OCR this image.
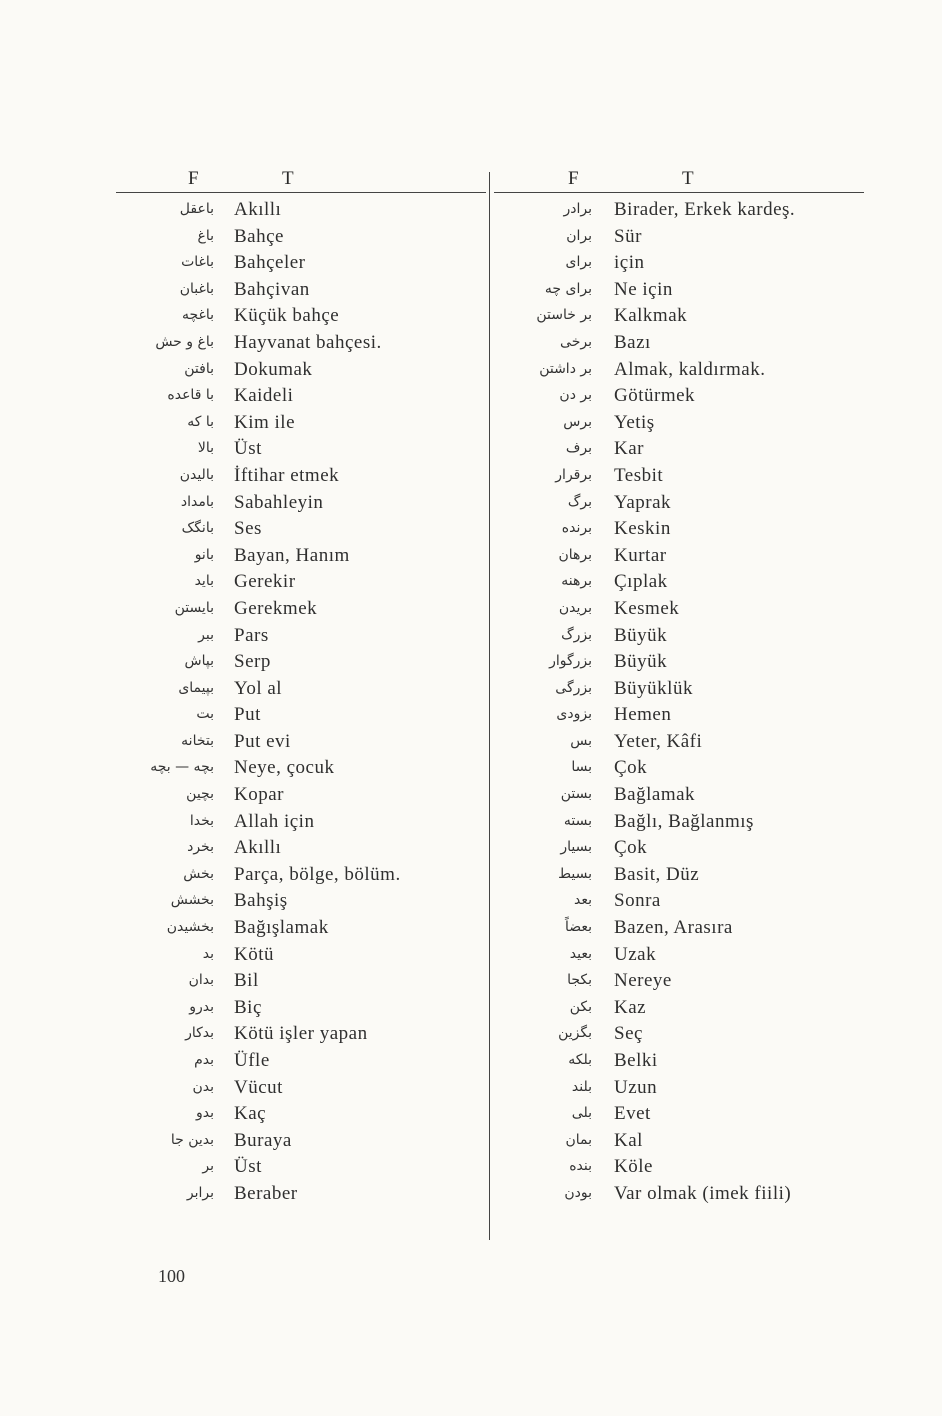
F	T
باعقل Akıllı
باغ Bahçe
باغات Bahçeler
باغبان Bahçivan
باغچه Küçük bahçe
باغ و حش Hayvanat bahçesi.
بافتن Dokumak
با قاعده Kaideli
با که Kim ile
بالا Üst
بالیدن İftihar etmek
بامداد Sabahleyin
بانگک Ses
بانو Bayan, Hanım
باید Gerekir
بایستن Gerekmek
ببر Pars
بپاش Serp
بپیمای Yol al
بت Put
بتخانه Put evi
بچه — بچه Neye, çocuk
بچین Kopar
بخدا Allah için
بخرد Akıllı
بخش Parça, bölge, bölüm.
بخشش Bahşiş
بخشیدن Bağışlamak
بد Kötü
بدان Bil
بدرو Biç
بدکار Kötü işler yapan
بدم Üfle
بدن Vücut
بدو Kaç
بدین جا Buraya
بر Üst
برابر Beraber
F	T
برادر Birader, Erkek kardeş.
بران Sür
برای için
برای چه Ne için
بر خاستن Kalkmak
برخی Bazı
بر داشتن Almak, kaldırmak.
بر دن Götürmek
برس Yetiş
برف Kar
برقرار Tesbit
برگ Yaprak
برنده Keskin
برهان Kurtar
برهنه Çıplak
بریدن Kesmek
بزرگ Büyük
بزرگوار Büyük
بزرگی Büyüklük
بزودی Hemen
بس Yeter, Kâfi
بسا Çok
بستن Bağlamak
بسته Bağlı, Bağlanmış
بسیار Çok
بسیط Basit, Düz
بعد Sonra
بعضاً Bazen, Arasıra
بعید Uzak
بکجا Nereye
بکن Kaz
بگزین Seç
بلکه Belki
بلند Uzun
بلی Evet
بمان Kal
بنده Köle
بودن Var olmak (imek fiili)
100
